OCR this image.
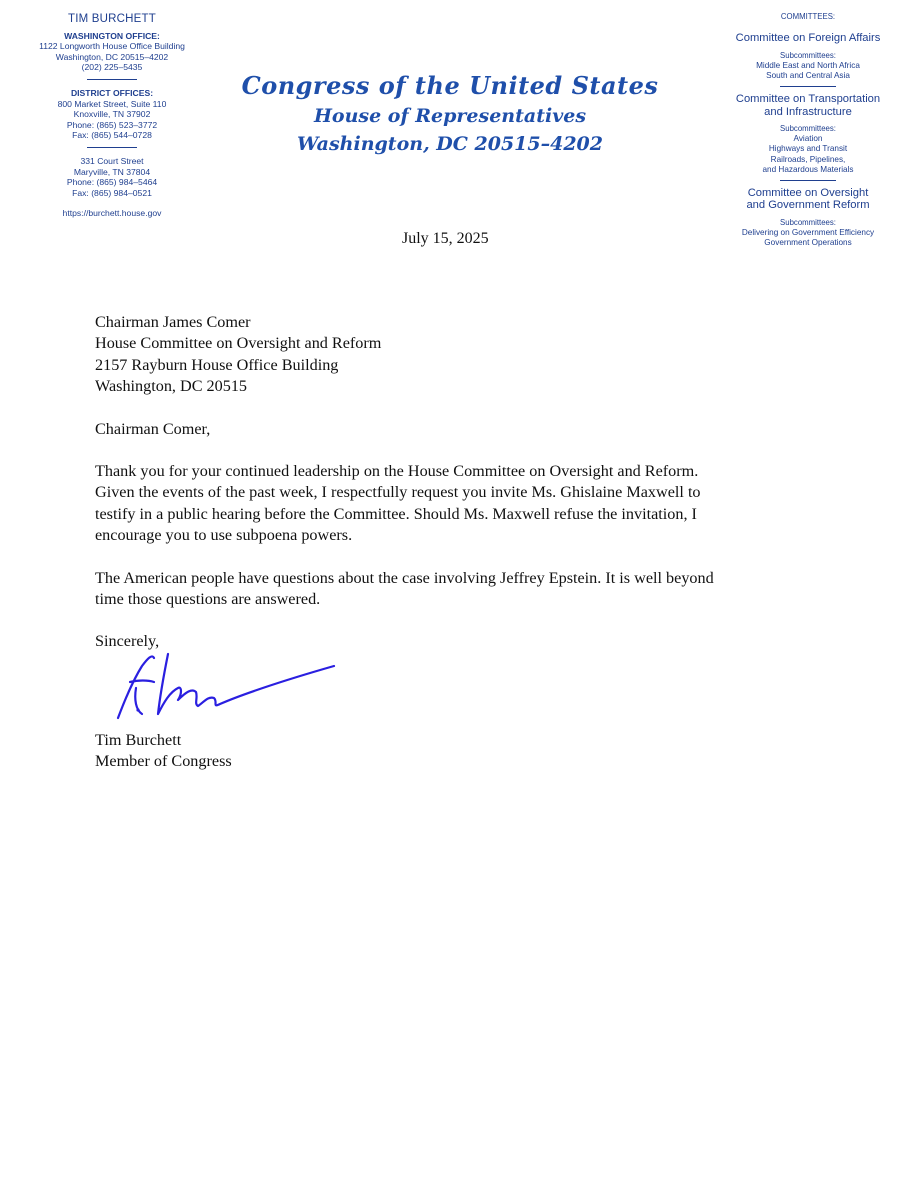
TIM BURCHETT
WASHINGTON OFFICE:
1122 Longworth House Office Building
Washington, DC 20515–4202
(202) 225–5435
DISTRICT OFFICES:
800 Market Street, Suite 110
Knoxville, TN 37902
Phone: (865) 523–3772
Fax: (865) 544–0728
331 Court Street
Maryville, TN 37804
Phone: (865) 984–5464
Fax: (865) 984–0521
https://burchett.house.gov
Congress of the United States
House of Representatives
Washington, DC 20515–4202
COMMITTEES:
Committee on Foreign Affairs
Subcommittees:
Middle East and North Africa
South and Central Asia
Committee on Transportation
and Infrastructure
Subcommittees:
Aviation
Highways and Transit
Railroads, Pipelines,
and Hazardous Materials
Committee on Oversight
and Government Reform
Subcommittees:
Delivering on Government Efficiency
Government Operations
July 15, 2025

Chairman James Comer

House Committee on Oversight and Reform

2157 Rayburn House Office Building

Washington, DC 20515

Chairman Comer,

Thank you for your continued leadership on the House Committee on Oversight and Reform.

Given the events of the past week, I respectfully request you invite Ms. Ghislaine Maxwell to

testify in a public hearing before the Committee. Should Ms. Maxwell refuse the invitation, I

encourage you to use subpoena powers.

The American people have questions about the case involving Jeffrey Epstein. It is well beyond

time those questions are answered.

Sincerely,

Tim Burchett
Member of Congress
